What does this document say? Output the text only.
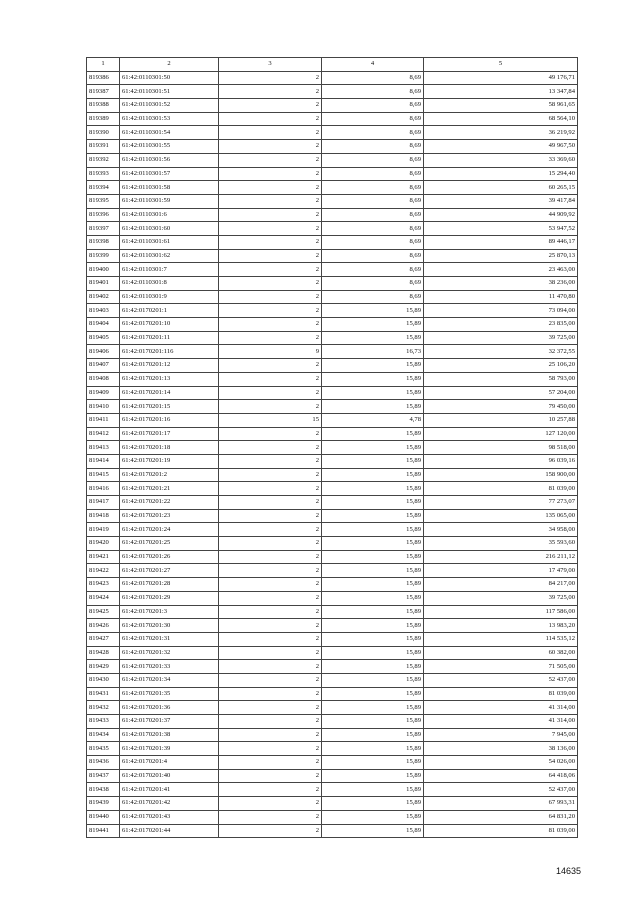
1	2	3	4	5
819386	61:42:0110301:50	2	8,69	49 176,71
819387	61:42:0110301:51	2	8,69	13 347,84
819388	61:42:0110301:52	2	8,69	58 961,65
819389	61:42:0110301:53	2	8,69	68 564,10
819390	61:42:0110301:54	2	8,69	36 219,92
819391	61:42:0110301:55	2	8,69	49 967,50
819392	61:42:0110301:56	2	8,69	33 369,60
819393	61:42:0110301:57	2	8,69	15 294,40
819394	61:42:0110301:58	2	8,69	60 265,15
819395	61:42:0110301:59	2	8,69	39 417,84
819396	61:42:0110301:6	2	8,69	44 909,92
819397	61:42:0110301:60	2	8,69	53 947,52
819398	61:42:0110301:61	2	8,69	89 446,17
819399	61:42:0110301:62	2	8,69	25 870,13
819400	61:42:0110301:7	2	8,69	23 463,00
819401	61:42:0110301:8	2	8,69	38 236,00
819402	61:42:0110301:9	2	8,69	11 470,80
819403	61:42:0170201:1	2	15,89	73 094,00
819404	61:42:0170201:10	2	15,89	23 835,00
819405	61:42:0170201:11	2	15,89	39 725,00
819406	61:42:0170201:116	9	16,73	32 372,55
819407	61:42:0170201:12	2	15,89	25 106,20
819408	61:42:0170201:13	2	15,89	58 793,00
819409	61:42:0170201:14	2	15,89	57 204,00
819410	61:42:0170201:15	2	15,89	79 450,00
819411	61:42:0170201:16	15	4,78	10 257,88
819412	61:42:0170201:17	2	15,89	127 120,00
819413	61:42:0170201:18	2	15,89	98 518,00
819414	61:42:0170201:19	2	15,89	96 039,16
819415	61:42:0170201:2	2	15,89	158 900,00
819416	61:42:0170201:21	2	15,89	81 039,00
819417	61:42:0170201:22	2	15,89	77 273,07
819418	61:42:0170201:23	2	15,89	135 065,00
819419	61:42:0170201:24	2	15,89	34 958,00
819420	61:42:0170201:25	2	15,89	35 593,60
819421	61:42:0170201:26	2	15,89	216 211,12
819422	61:42:0170201:27	2	15,89	17 479,00
819423	61:42:0170201:28	2	15,89	84 217,00
819424	61:42:0170201:29	2	15,89	39 725,00
819425	61:42:0170201:3	2	15,89	117 586,00
819426	61:42:0170201:30	2	15,89	13 983,20
819427	61:42:0170201:31	2	15,89	114 535,12
819428	61:42:0170201:32	2	15,89	60 382,00
819429	61:42:0170201:33	2	15,89	71 505,00
819430	61:42:0170201:34	2	15,89	52 437,00
819431	61:42:0170201:35	2	15,89	81 039,00
819432	61:42:0170201:36	2	15,89	41 314,00
819433	61:42:0170201:37	2	15,89	41 314,00
819434	61:42:0170201:38	2	15,89	7 945,00
819435	61:42:0170201:39	2	15,89	38 136,00
819436	61:42:0170201:4	2	15,89	54 026,00
819437	61:42:0170201:40	2	15,89	64 418,06
819438	61:42:0170201:41	2	15,89	52 437,00
819439	61:42:0170201:42	2	15,89	67 993,31
819440	61:42:0170201:43	2	15,89	64 831,20
819441	61:42:0170201:44	2	15,89	81 039,00
14635
